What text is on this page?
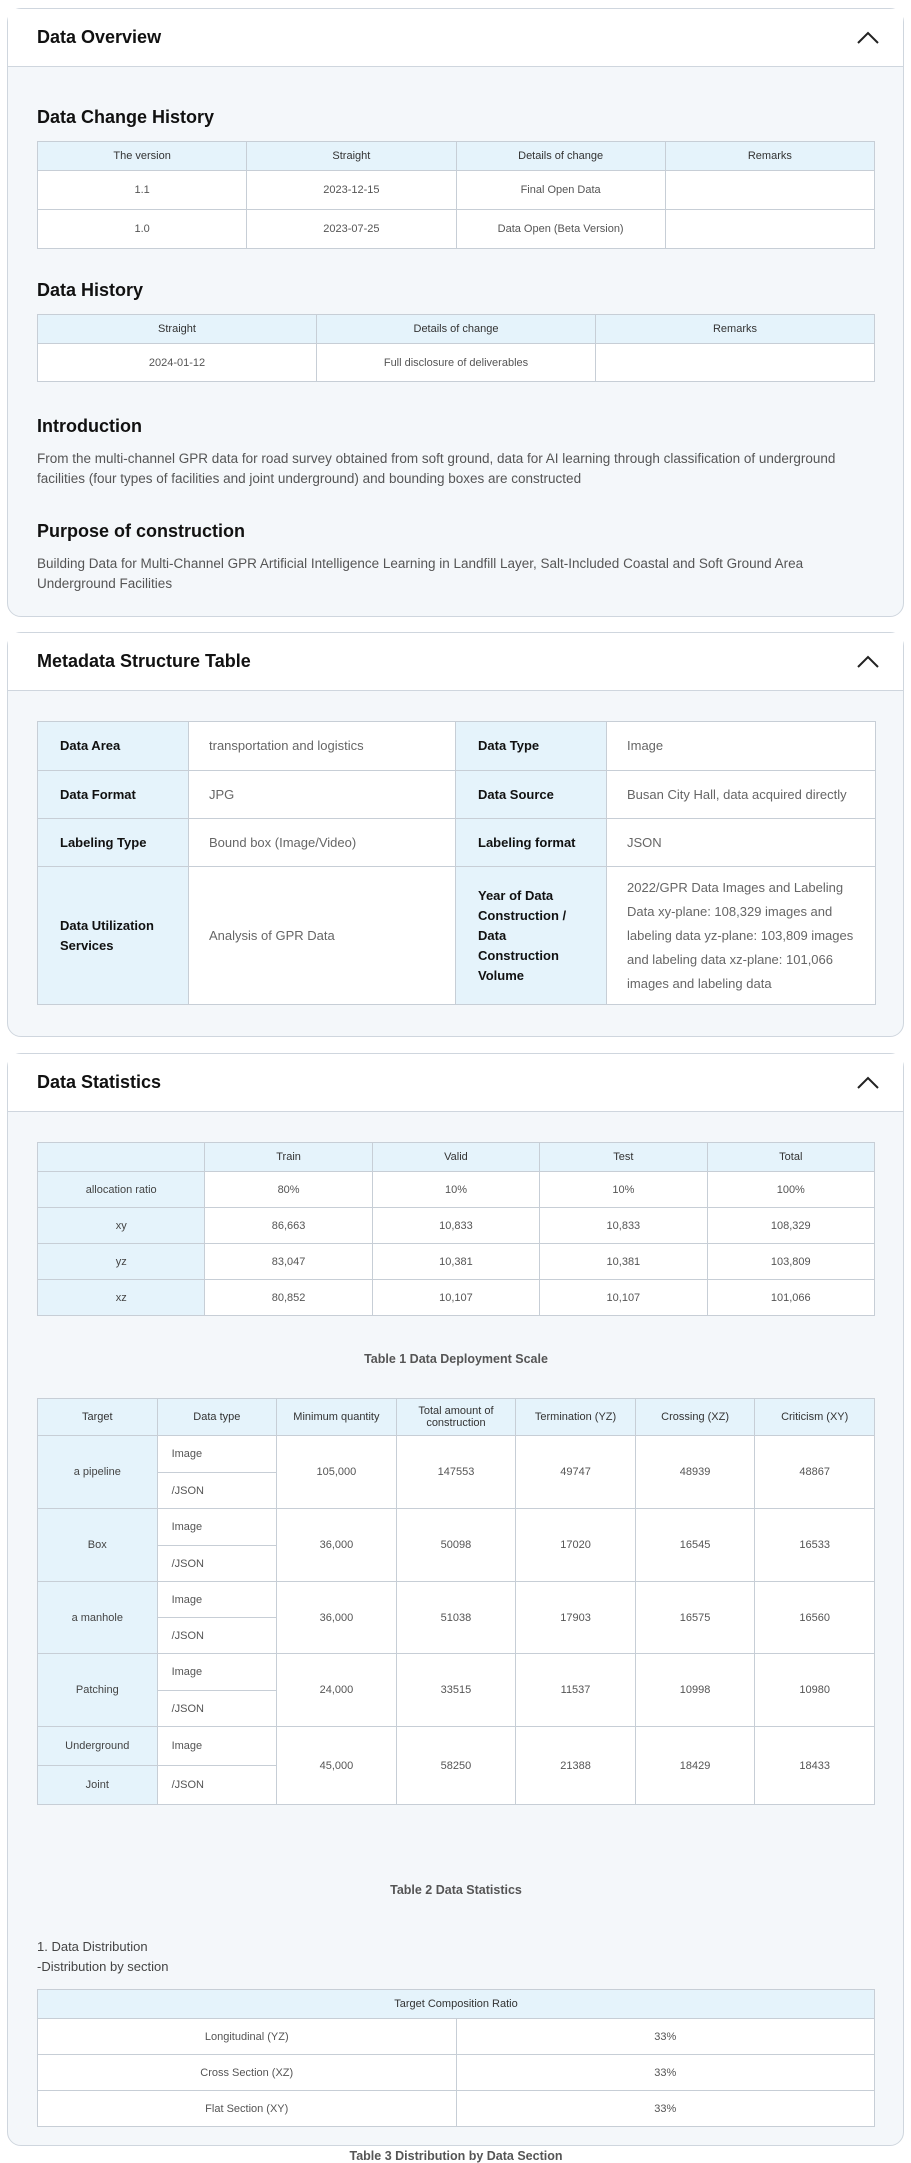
Data Overview
Data Change History
The version	Straight	Details of change	Remarks
1.1	2023-12-15	Final Open Data	
1.0	2023-07-25	Data Open (Beta Version)	
Data History
Straight	Details of change	Remarks
2024-01-12	Full disclosure of deliverables	
Introduction
From the multi-channel GPR data for road survey obtained from soft ground, data for AI learning through classification of underground facilities (four types of facilities and joint underground) and bounding boxes are constructed
Purpose of construction
Building Data for Multi-Channel GPR Artificial Intelligence Learning in Landfill Layer, Salt-Included Coastal and Soft Ground Area Underground Facilities
Metadata Structure Table
Data Area	transportation and logistics	Data Type	Image
Data Format	JPG	Data Source	Busan City Hall, data acquired directly
Labeling Type	Bound box (Image/Video)	Labeling format	JSON
Data Utilization Services	Analysis of GPR Data	Year of Data Construction / Data Construction Volume	2022/GPR Data Images and Labeling Data xy-plane: 108,329 images and labeling data yz-plane: 103,809 images and labeling data xz-plane: 101,066 images and labeling data
Data Statistics
	Train	Valid	Test	Total
allocation ratio	80%	10%	10%	100%
xy	86,663	10,833	10,833	108,329
yz	83,047	10,381	10,381	103,809
xz	80,852	10,107	10,107	101,066
Table 1 Data Deployment Scale
Target	Data type	Minimum quantity	Total amount of construction	Termination (YZ)	Crossing (XZ)	Criticism (XY)
a pipeline	Image	105,000	147553	49747	48939	48867
	/JSON					
Box	Image	36,000	50098	17020	16545	16533
	/JSON					
a manhole	Image	36,000	51038	17903	16575	16560
	/JSON					
Patching	Image	24,000	33515	11537	10998	10980
	/JSON					
Underground	Image	45,000	58250	21388	18429	18433
Joint	/JSON					
Table 2 Data Statistics
1. Data Distribution
-Distribution by section
Target Composition Ratio	
Longitudinal (YZ)	33%
Cross Section (XZ)	33%
Flat Section (XY)	33%
Table 3 Distribution by Data Section
